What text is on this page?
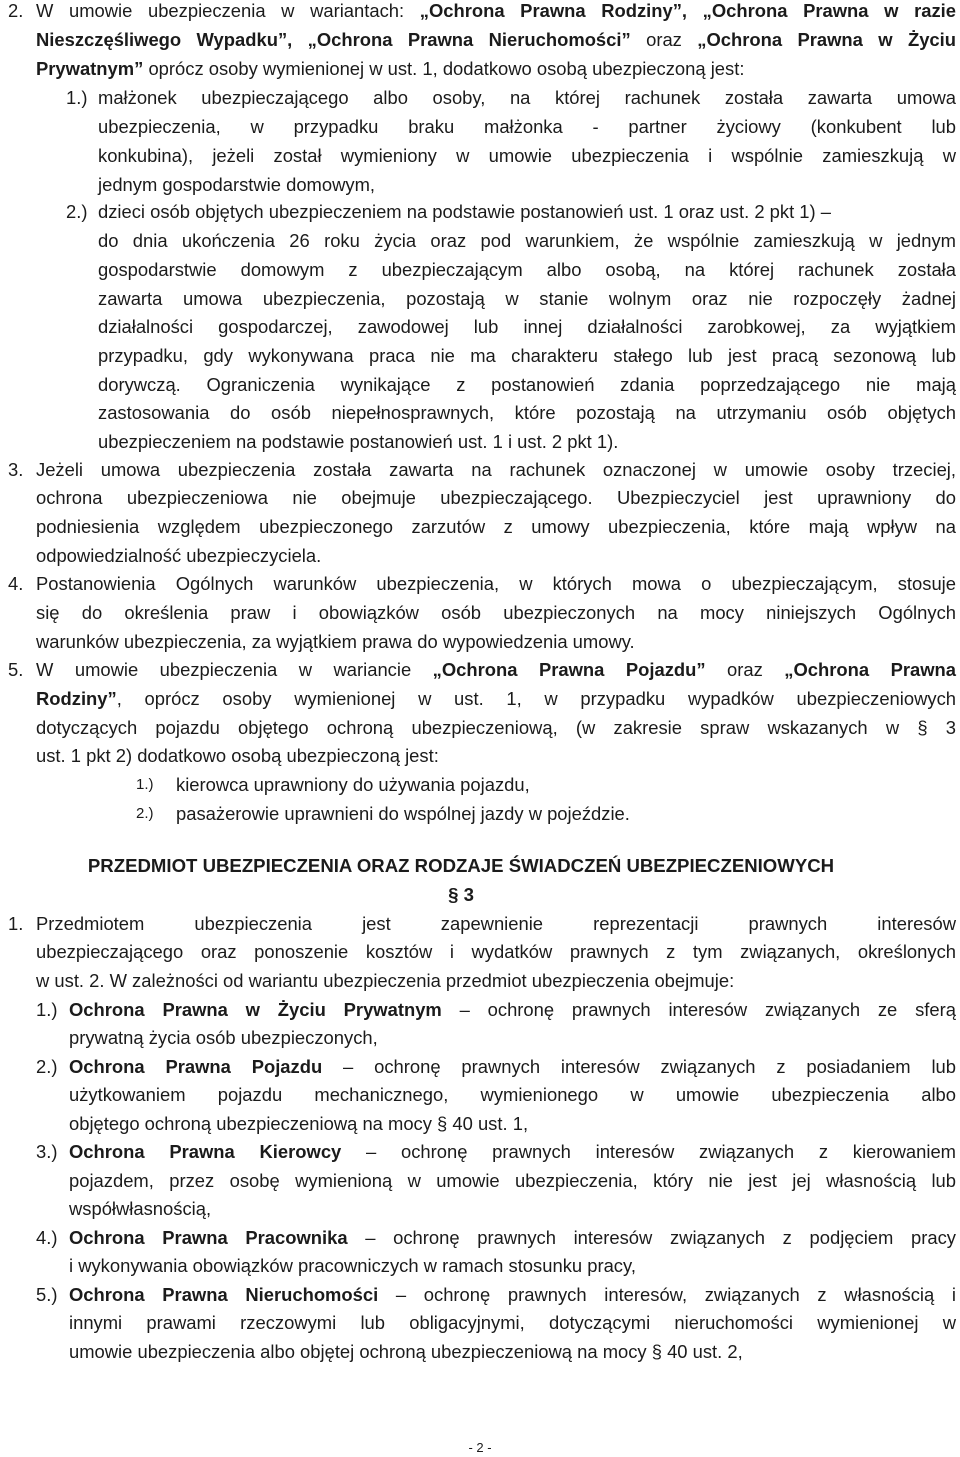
2. W umowie ubezpieczenia w wariantach: „Ochrona Prawna Rodziny”, „Ochrona Prawna w razie
Nieszczęśliwego Wypadku”, „Ochrona Prawna Nieruchomości” oraz „Ochrona Prawna w Życiu
Prywatnym” oprócz osoby wymienionej w ust. 1, dodatkowo osobą ubezpieczoną jest:
1.) małżonek ubezpieczającego albo osoby, na której rachunek została zawarta umowa
ubezpieczenia, w przypadku braku małżonka - partner życiowy (konkubent lub
konkubina), jeżeli został wymieniony w umowie ubezpieczenia i wspólnie zamieszkują w
jednym gospodarstwie domowym,
2.) dzieci osób objętych ubezpieczeniem na podstawie postanowień ust. 1 oraz ust. 2 pkt 1) –
do dnia ukończenia 26 roku życia oraz pod warunkiem, że wspólnie zamieszkują w jednym
gospodarstwie domowym z ubezpieczającym albo osobą, na której rachunek została
zawarta umowa ubezpieczenia, pozostają w stanie wolnym oraz nie rozpoczęły żadnej
działalności gospodarczej, zawodowej lub innej działalności zarobkowej, za wyjątkiem
przypadku, gdy wykonywana praca nie ma charakteru stałego lub jest pracą sezonową lub
dorywczą. Ograniczenia wynikające z postanowień zdania poprzedzającego nie mają
zastosowania do osób niepełnosprawnych, które pozostają na utrzymaniu osób objętych
ubezpieczeniem na podstawie postanowień ust. 1 i ust. 2 pkt 1).
3. Jeżeli umowa ubezpieczenia została zawarta na rachunek oznaczonej w umowie osoby trzeciej,
ochrona ubezpieczeniowa nie obejmuje ubezpieczającego. Ubezpieczyciel jest uprawniony do
podniesienia względem ubezpieczonego zarzutów z umowy ubezpieczenia, które mają wpływ na
odpowiedzialność ubezpieczyciela.
4. Postanowienia Ogólnych warunków ubezpieczenia, w których mowa o ubezpieczającym, stosuje
się do określenia praw i obowiązków osób ubezpieczonych na mocy niniejszych Ogólnych
warunków ubezpieczenia, za wyjątkiem prawa do wypowiedzenia umowy.
5. W umowie ubezpieczenia w wariancie „Ochrona Prawna Pojazdu” oraz „Ochrona Prawna
Rodziny”, oprócz osoby wymienionej w ust. 1, w przypadku wypadków ubezpieczeniowych
dotyczących pojazdu objętego ochroną ubezpieczeniową, (w zakresie spraw wskazanych w § 3
ust. 1 pkt 2) dodatkowo osobą ubezpieczoną jest:
1.) kierowca uprawniony do używania pojazdu,
2.) pasażerowie uprawnieni do wspólnej jazdy w pojeździe.
PRZEDMIOT UBEZPIECZENIA ORAZ RODZAJE ŚWIADCZEŃ UBEZPIECZENIOWYCH
§ 3
1. Przedmiotem ubezpieczenia jest zapewnienie reprezentacji prawnych interesów
ubezpieczającego oraz ponoszenie kosztów i wydatków prawnych z tym związanych, określonych
w ust. 2. W zależności od wariantu ubezpieczenia przedmiot ubezpieczenia obejmuje:
1.) Ochrona Prawna w Życiu Prywatnym – ochronę prawnych interesów związanych ze sferą
prywatną życia osób ubezpieczonych,
2.) Ochrona Prawna Pojazdu – ochronę prawnych interesów związanych z posiadaniem lub
użytkowaniem pojazdu mechanicznego, wymienionego w umowie ubezpieczenia albo
objętego ochroną ubezpieczeniową na mocy § 40 ust. 1,
3.) Ochrona Prawna Kierowcy – ochronę prawnych interesów związanych z kierowaniem
pojazdem, przez osobę wymienioną w umowie ubezpieczenia, który nie jest jej własnością lub
współwłasnością,
4.) Ochrona Prawna Pracownika – ochronę prawnych interesów związanych z podjęciem pracy
i wykonywania obowiązków pracowniczych w ramach stosunku pracy,
5.) Ochrona Prawna Nieruchomości – ochronę prawnych interesów, związanych z własnością i
innymi prawami rzeczowymi lub obligacyjnymi, dotyczącymi nieruchomości wymienionej w
umowie ubezpieczenia albo objętej ochroną ubezpieczeniową na mocy § 40 ust. 2,
- 2 -
